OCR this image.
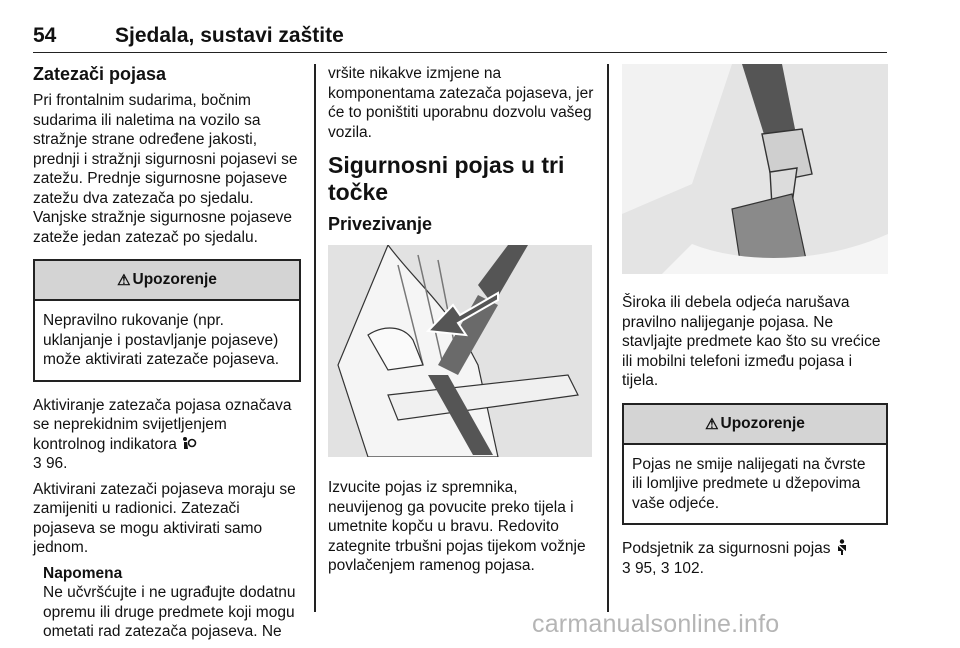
54	Sjedala, sustavi zaštite
Zatezači pojasa

Pri frontalnim sudarima, bočnim sudarima ili naletima na vozilo sa stražnje strane određene jakosti, prednji i stražnji sigurnosni pojasevi se zatežu. Prednje sigurnosne pojaseve zatežu dva zatezača po sjedalu. Vanjske stražnje sigurnosne pojaseve zateže jedan zatezač po sjedalu.

⚠ Upozorenje
Nepravilno rukovanje (npr. uklanjanje i postavljanje pojaseve) može aktivirati zatezače pojaseva.

Aktiviranje zatezača pojasa označava se neprekidnim svijetljenjem kontrolnog indikatora
3 96.

Aktivirani zatezači pojaseva moraju se zamijeniti u radionici. Zatezači pojaseva se mogu aktivirati samo jednom.

Napomena

Ne učvršćujte i ne ugrađujte dodatnu opremu ili druge predmete koji mogu ometati rad zatezača pojaseva. Ne

vršite nikakve izmjene na komponentama zatezača pojaseva, jer će to poništiti uporabnu dozvolu vašeg vozila.

Sigurnosni pojas u tri točke
Privezivanje

Izvucite pojas iz spremnika, neuvijenog ga povucite preko tijela i umetnite kopču u bravu. Redovito zategnite trbušni pojas tijekom vožnje povlačenjem ramenog pojasa.

Široka ili debela odjeća narušava pravilno nalijeganje pojasa. Ne stavljajte predmete kao što su vrećice ili mobilni telefoni između pojasa i tijela.

⚠ Upozorenje
Pojas ne smije nalijegati na čvrste ili lomljive predmete u džepovima vaše odjeće.

Podsjetnik za sigurnosni pojas
3 95, 3 102.

carmanualsonline.info
